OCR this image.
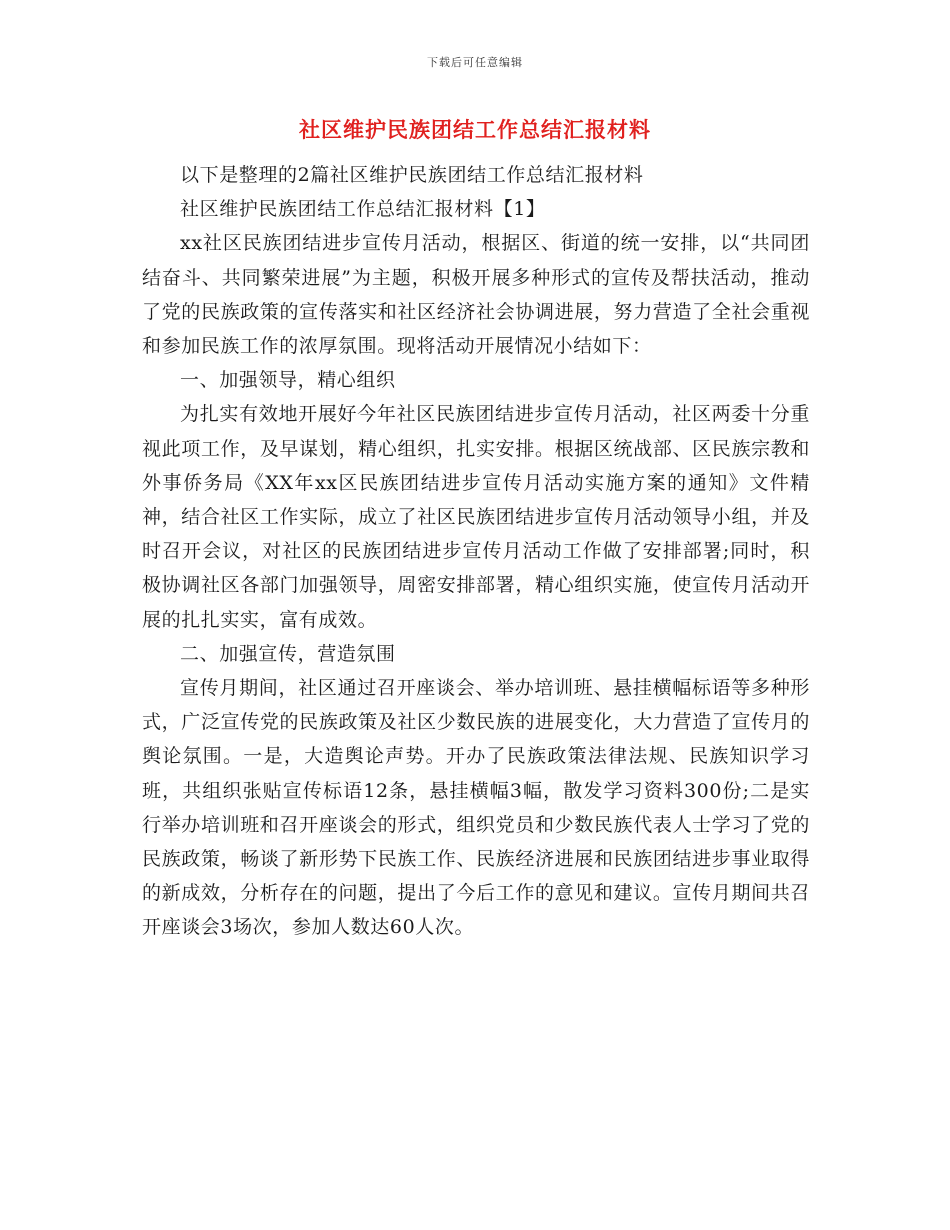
下载后可任意编辑
社区维护民族团结工作总结汇报材料

以下是整理的2篇社区维护民族团结工作总结汇报材料

社区维护民族团结工作总结汇报材料【1】

xx社区民族团结进步宣传月活动，根据区、街道的统一安排，以“共同团结奋斗、共同繁荣进展”为主题，积极开展多种形式的宣传及帮扶活动，推动了党的民族政策的宣传落实和社区经济社会协调进展，努力营造了全社会重视和参加民族工作的浓厚氛围。现将活动开展情况小结如下：

一、加强领导，精心组织

为扎实有效地开展好今年社区民族团结进步宣传月活动，社区两委十分重视此项工作，及早谋划，精心组织，扎实安排。根据区统战部、区民族宗教和外事侨务局《XX年xx区民族团结进步宣传月活动实施方案的通知》文件精神，结合社区工作实际，成立了社区民族团结进步宣传月活动领导小组，并及时召开会议，对社区的民族团结进步宣传月活动工作做了安排部署;同时，积极协调社区各部门加强领导，周密安排部署，精心组织实施，使宣传月活动开展的扎扎实实，富有成效。

二、加强宣传，营造氛围

宣传月期间，社区通过召开座谈会、举办培训班、悬挂横幅标语等多种形式，广泛宣传党的民族政策及社区少数民族的进展变化，大力营造了宣传月的舆论氛围。一是，大造舆论声势。开办了民族政策法律法规、民族知识学习班，共组织张贴宣传标语12条，悬挂横幅3幅，散发学习资料300份;二是实行举办培训班和召开座谈会的形式，组织党员和少数民族代表人士学习了党的民族政策，畅谈了新形势下民族工作、民族经济进展和民族团结进步事业取得的新成效，分析存在的问题，提出了今后工作的意见和建议。宣传月期间共召开座谈会3场次，参加人数达60人次。
